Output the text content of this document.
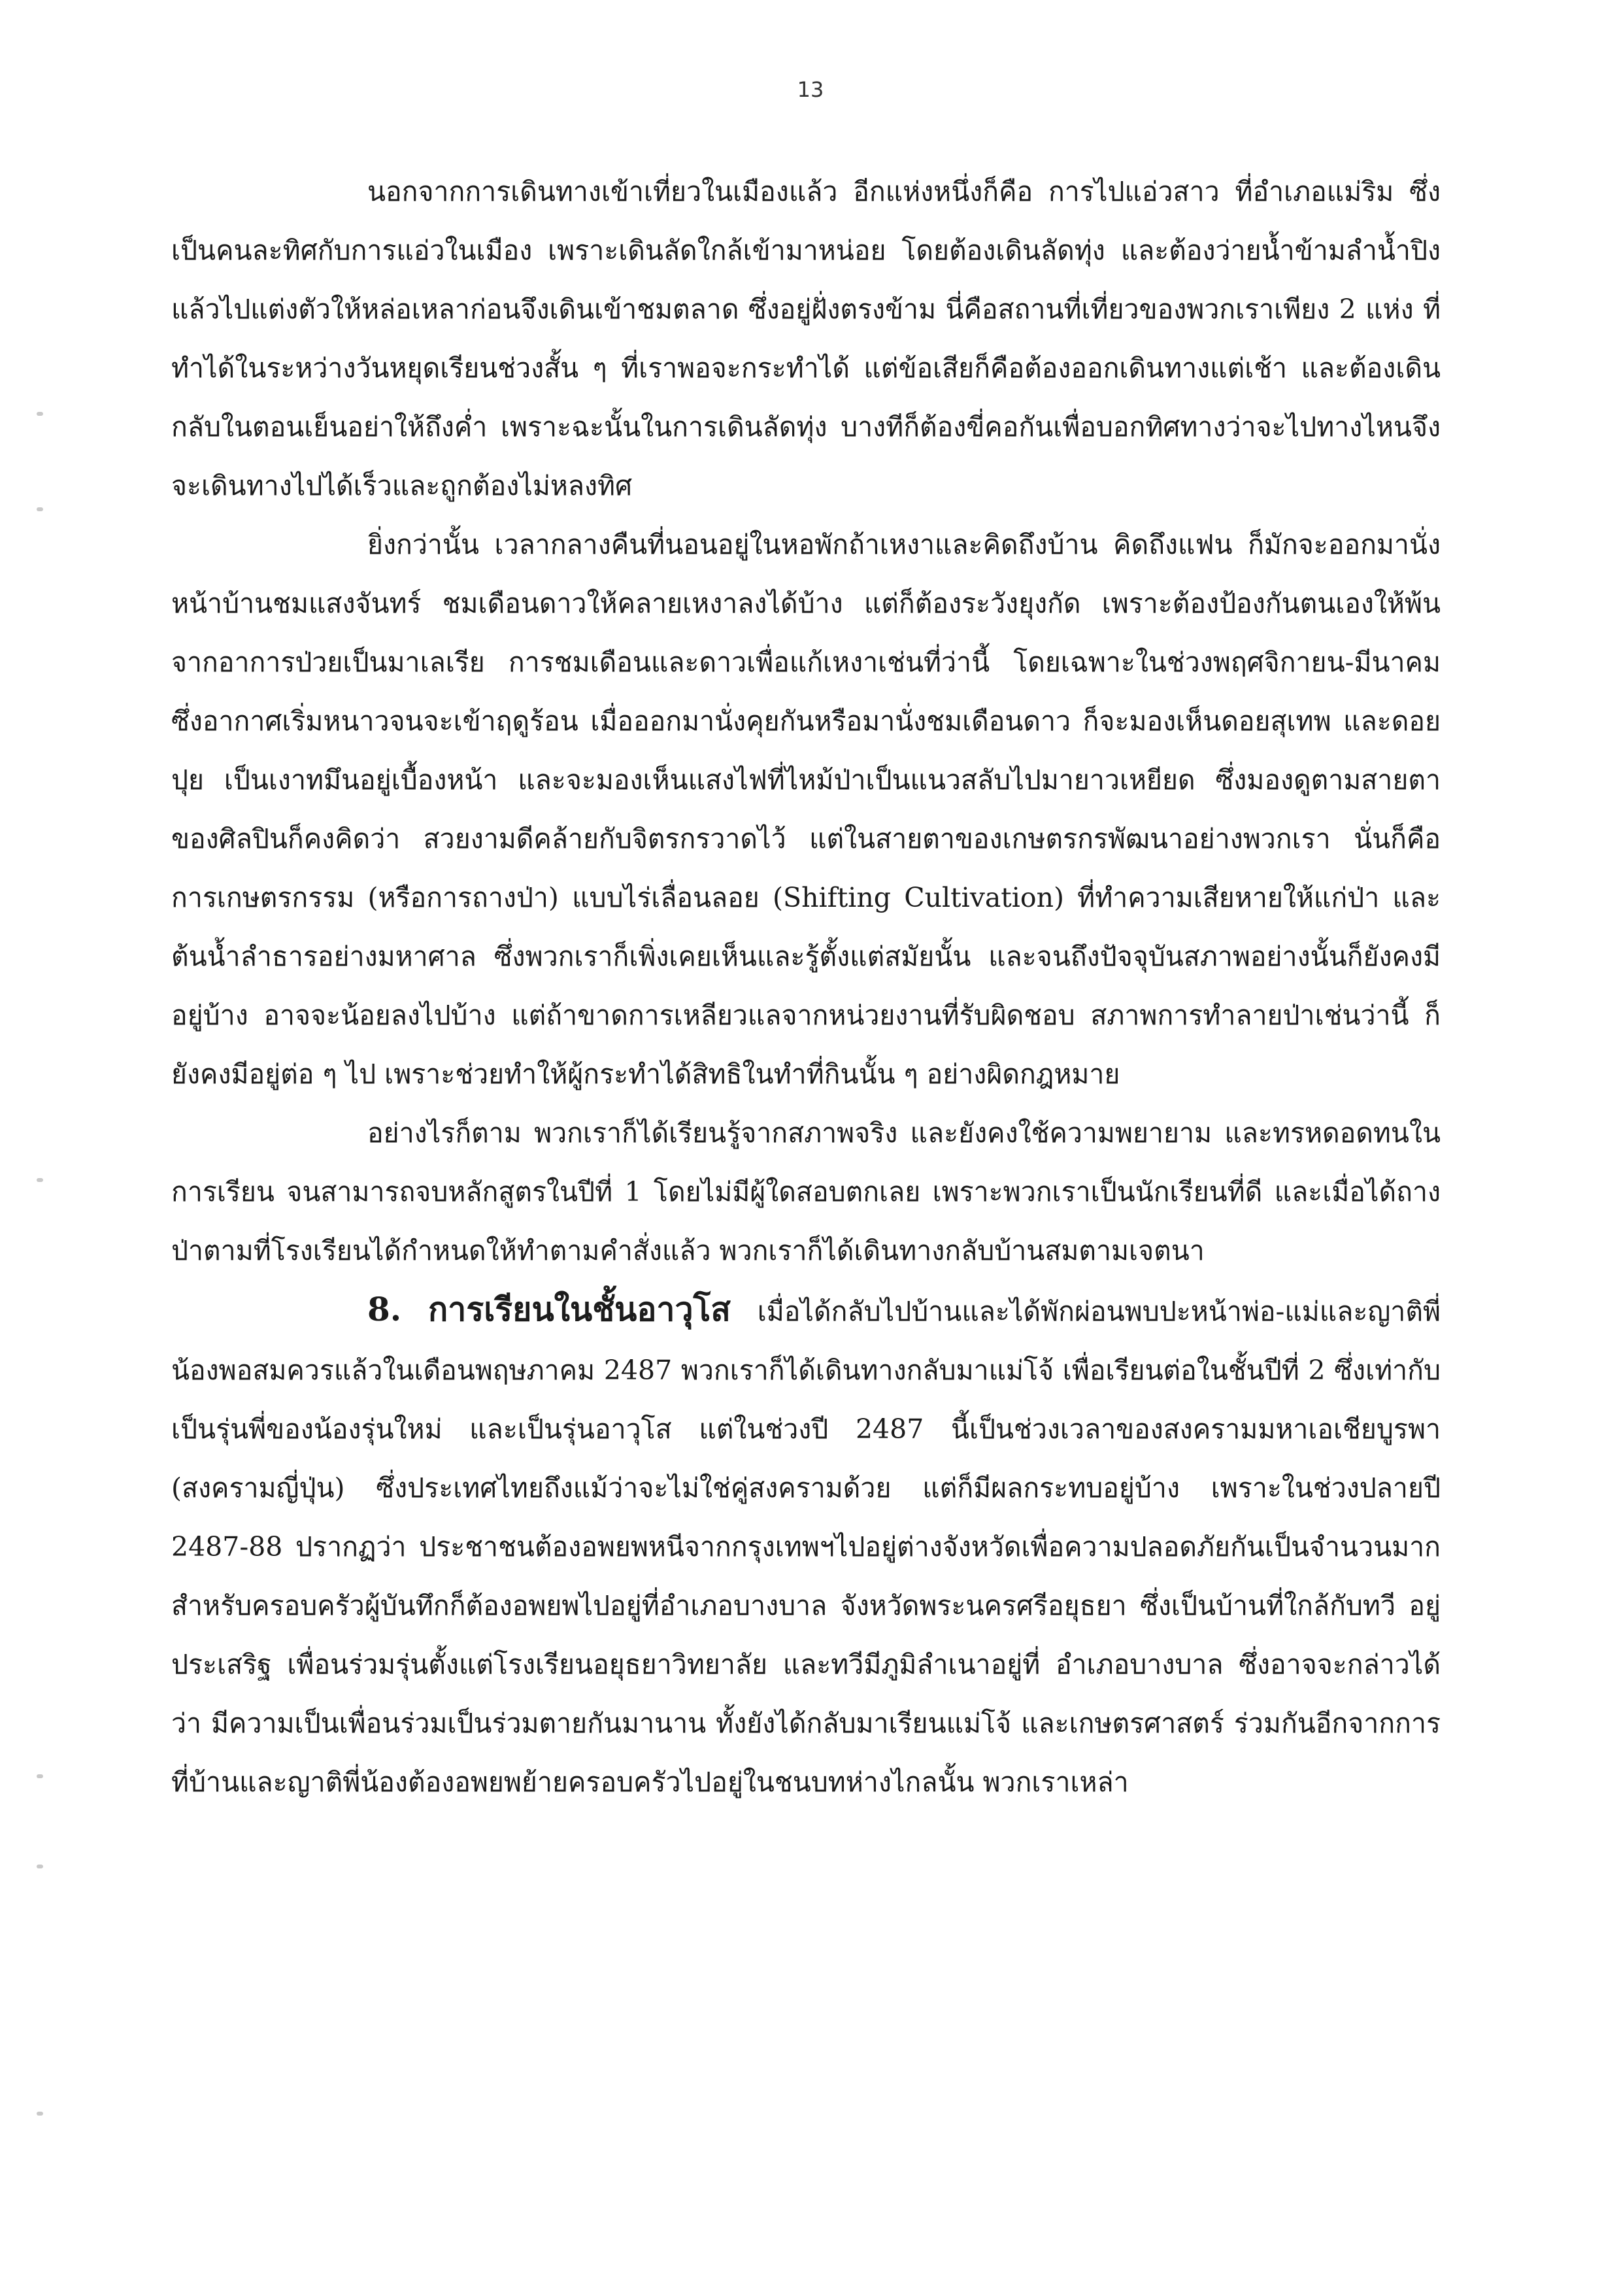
13

นอกจากการเดินทางเข้าเที่ยวในเมืองแล้ว อีกแห่งหนึ่งก็คือ การไปแอ่วสาว ที่อำเภอแม่ริม ซึ่งเป็นคนละทิศกับการแอ่วในเมือง เพราะเดินลัดใกล้เข้ามาหน่อย โดยต้องเดินลัดทุ่ง และต้องว่ายน้ำข้ามลำน้ำปิง แล้วไปแต่งตัวให้หล่อเหลาก่อนจึงเดินเข้าชมตลาด ซึ่งอยู่ฝั่งตรงข้าม นี่คือสถานที่เที่ยวของพวกเราเพียง 2 แห่ง ที่ทำได้ในระหว่างวันหยุดเรียนช่วงสั้น ๆ ที่เราพอจะกระทำได้ แต่ข้อเสียก็คือต้องออกเดินทางแต่เช้า และต้องเดินกลับในตอนเย็นอย่าให้ถึงค่ำ เพราะฉะนั้นในการเดินลัดทุ่ง บางทีก็ต้องขี่คอกันเพื่อบอกทิศทางว่าจะไปทางไหนจึงจะเดินทางไปได้เร็วและถูกต้องไม่หลงทิศ

ยิ่งกว่านั้น เวลากลางคืนที่นอนอยู่ในหอพักถ้าเหงาและคิดถึงบ้าน คิดถึงแฟน ก็มักจะออกมานั่งหน้าบ้านชมแสงจันทร์ ชมเดือนดาวให้คลายเหงาลงได้บ้าง แต่ก็ต้องระวังยุงกัด เพราะต้องป้องกันตนเองให้พ้นจากอาการป่วยเป็นมาเลเรีย การชมเดือนและดาวเพื่อแก้เหงาเช่นที่ว่านี้ โดยเฉพาะในช่วงพฤศจิกายน-มีนาคม ซึ่งอากาศเริ่มหนาวจนจะเข้าฤดูร้อน เมื่อออกมานั่งคุยกันหรือมานั่งชมเดือนดาว ก็จะมองเห็นดอยสุเทพ และดอยปุย เป็นเงาทมึนอยู่เบื้องหน้า และจะมองเห็นแสงไฟที่ไหม้ป่าเป็นแนวสลับไปมายาวเหยียด ซึ่งมองดูตามสายตาของศิลปินก็คงคิดว่า สวยงามดีคล้ายกับจิตรกรวาดไว้ แต่ในสายตาของเกษตรกรพัฒนาอย่างพวกเรา นั่นก็คือ การเกษตรกรรม (หรือการถางป่า) แบบไร่เลื่อนลอย (Shifting Cultivation) ที่ทำความเสียหายให้แก่ป่า และต้นน้ำลำธารอย่างมหาศาล ซึ่งพวกเราก็เพิ่งเคยเห็นและรู้ตั้งแต่สมัยนั้น และจนถึงปัจจุบันสภาพอย่างนั้นก็ยังคงมีอยู่บ้าง อาจจะน้อยลงไปบ้าง แต่ถ้าขาดการเหลียวแลจากหน่วยงานที่รับผิดชอบ สภาพการทำลายป่าเช่นว่านี้ ก็ยังคงมีอยู่ต่อ ๆ ไป เพราะช่วยทำให้ผู้กระทำได้สิทธิในทำที่กินนั้น ๆ อย่างผิดกฎหมาย

อย่างไรก็ตาม พวกเราก็ได้เรียนรู้จากสภาพจริง และยังคงใช้ความพยายาม และทรหดอดทนในการเรียน จนสามารถจบหลักสูตรในปีที่ 1 โดยไม่มีผู้ใดสอบตกเลย เพราะพวกเราเป็นนักเรียนที่ดี และเมื่อได้ถางป่าตามที่โรงเรียนได้กำหนดให้ทำตามคำสั่งแล้ว พวกเราก็ได้เดินทางกลับบ้านสมตามเจตนา

8. การเรียนในชั้นอาวุโส เมื่อได้กลับไปบ้านและได้พักผ่อนพบปะหน้าพ่อ-แม่และญาติพี่น้องพอสมควรแล้วในเดือนพฤษภาคม 2487 พวกเราก็ได้เดินทางกลับมาแม่โจ้ เพื่อเรียนต่อในชั้นปีที่ 2 ซึ่งเท่ากับเป็นรุ่นพี่ของน้องรุ่นใหม่ และเป็นรุ่นอาวุโส แต่ในช่วงปี 2487 นี้เป็นช่วงเวลาของสงครามมหาเอเชียบูรพา (สงครามญี่ปุ่น) ซึ่งประเทศไทยถึงแม้ว่าจะไม่ใช่คู่สงครามด้วย แต่ก็มีผลกระทบอยู่บ้าง เพราะในช่วงปลายปี 2487-88 ปรากฏว่า ประชาชนต้องอพยพหนีจากกรุงเทพฯไปอยู่ต่างจังหวัดเพื่อความปลอดภัยกันเป็นจำนวนมาก สำหรับครอบครัวผู้บันทึกก็ต้องอพยพไปอยู่ที่อำเภอบางบาล จังหวัดพระนครศรีอยุธยา ซึ่งเป็นบ้านที่ใกล้กับทวี อยู่ประเสริฐ เพื่อนร่วมรุ่นตั้งแต่โรงเรียนอยุธยาวิทยาลัย และทวีมีภูมิลำเนาอยู่ที่ อำเภอบางบาล ซึ่งอาจจะกล่าวได้ว่า มีความเป็นเพื่อนร่วมเป็นร่วมตายกันมานาน ทั้งยังได้กลับมาเรียนแม่โจ้ และเกษตรศาสตร์ ร่วมกันอีกจากการที่บ้านและญาติพี่น้องต้องอพยพย้ายครอบครัวไปอยู่ในชนบทห่างไกลนั้น พวกเราเหล่า
